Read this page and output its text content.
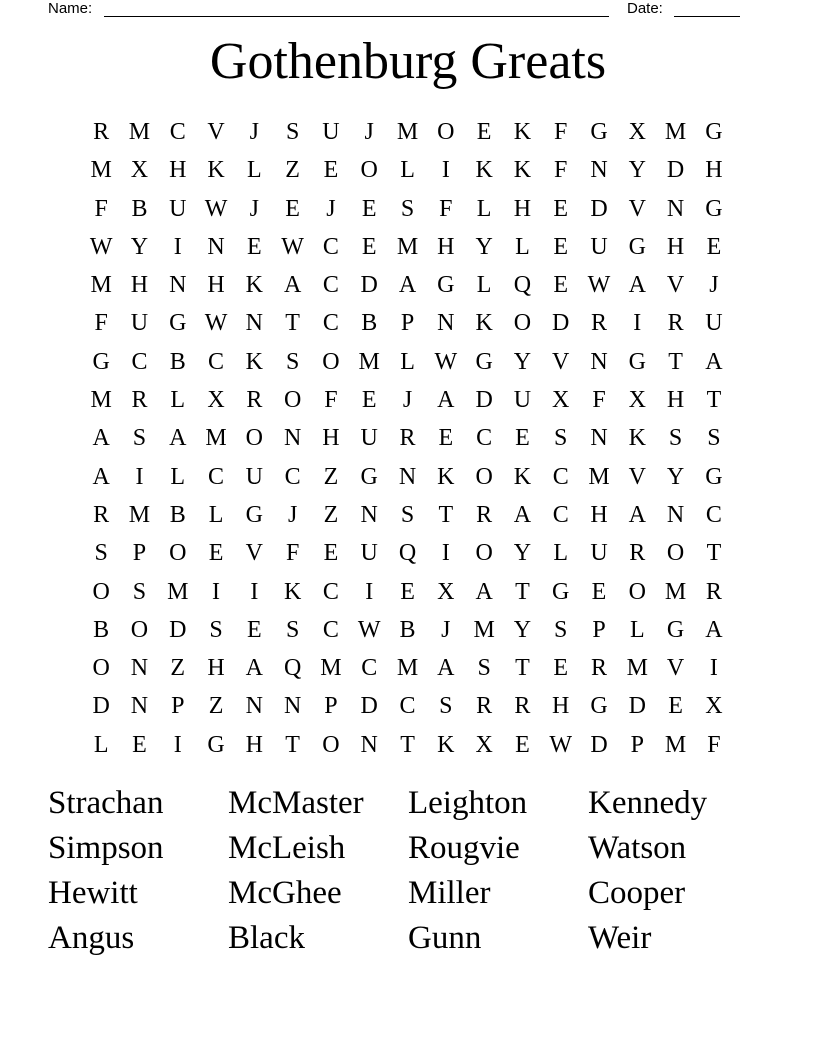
Name:	Date:
Gothenburg Greats
R M C V	J	S U	J M O E K F G X M G
M X H K L Z E O L	I	K K F N Y D H
F B U W J	E	J	E	S	F	L H E D V N G
W Y	I	N E W C E M H Y L E U G H E
M H N H K A C D A G L Q E W A V	J
F U G W N T C B P N K O D R	I	R U
G C B C K S O M L W G Y V N G T A
M R L X R O F	E	J	A D U X F X H T
A S A M O N H U R E C E	S N K S	S
A	I	L C U C Z G N K O K C M V Y G
R M B L G	J	Z N S	T R A C H A N C
S	P O E V F	E U Q	I	O Y L U R O T
O S M I	I	K C	I	E X A T G E O M R
B O D S	E	S C W B	J M Y S	P	L G A
O N Z H A Q M C M A S	T E R M V	I
D N P	Z N N P D C S R R H G D E X
L E	I	G H T O N T K X E W D P M F
Strachan	McMaster	Leighton	Kennedy
Simpson	McLeish	Rougvie	Watson
Hewitt	McGhee	Miller	Cooper
Angus	Black	Gunn	Weir
